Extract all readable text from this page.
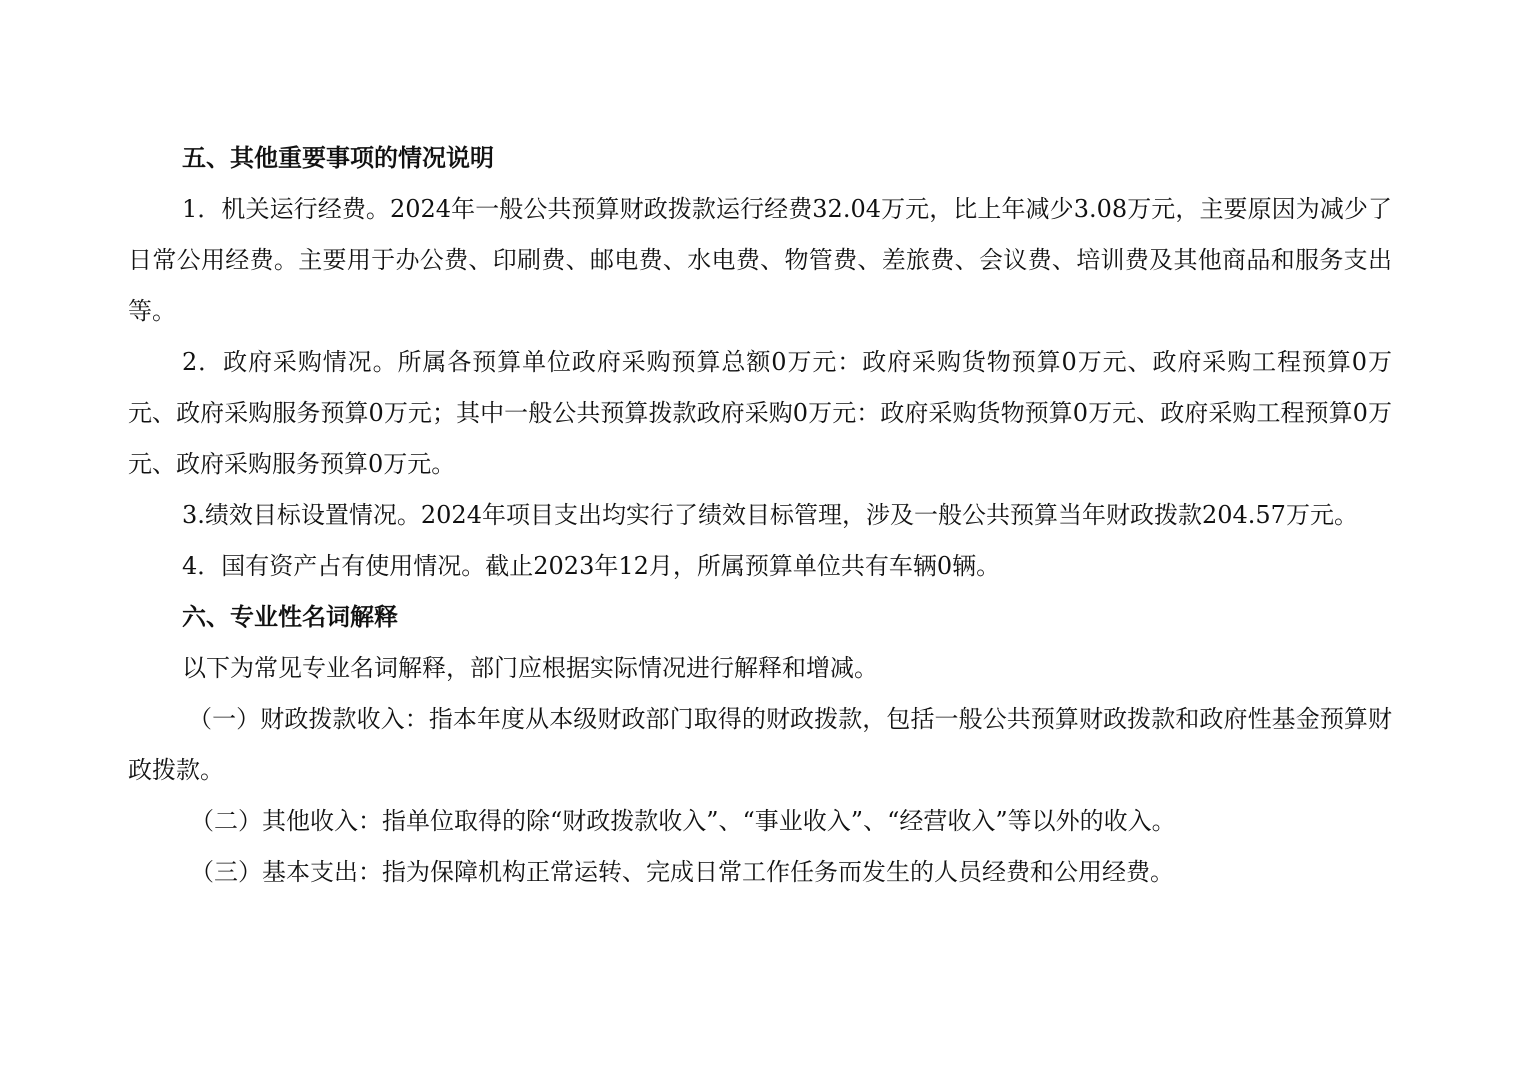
五、其他重要事项的情况说明

1．机关运行经费。2024年一般公共预算财政拨款运行经费32.04万元，比上年减少3.08万元，主要原因为减少了日常公用经费。主要用于办公费、印刷费、邮电费、水电费、物管费、差旅费、会议费、培训费及其他商品和服务支出等。

2．政府采购情况。所属各预算单位政府采购预算总额0万元：政府采购货物预算0万元、政府采购工程预算0万元、政府采购服务预算0万元；其中一般公共预算拨款政府采购0万元：政府采购货物预算0万元、政府采购工程预算0万元、政府采购服务预算0万元。

3.绩效目标设置情况。2024年项目支出均实行了绩效目标管理，涉及一般公共预算当年财政拨款204.57万元。

4．国有资产占有使用情况。截止2023年12月，所属预算单位共有车辆0辆。

六、专业性名词解释

以下为常见专业名词解释，部门应根据实际情况进行解释和增减。

（一）财政拨款收入：指本年度从本级财政部门取得的财政拨款，包括一般公共预算财政拨款和政府性基金预算财政拨款。

（二）其他收入：指单位取得的除“财政拨款收入”、“事业收入”、“经营收入”等以外的收入。

（三）基本支出：指为保障机构正常运转、完成日常工作任务而发生的人员经费和公用经费。
